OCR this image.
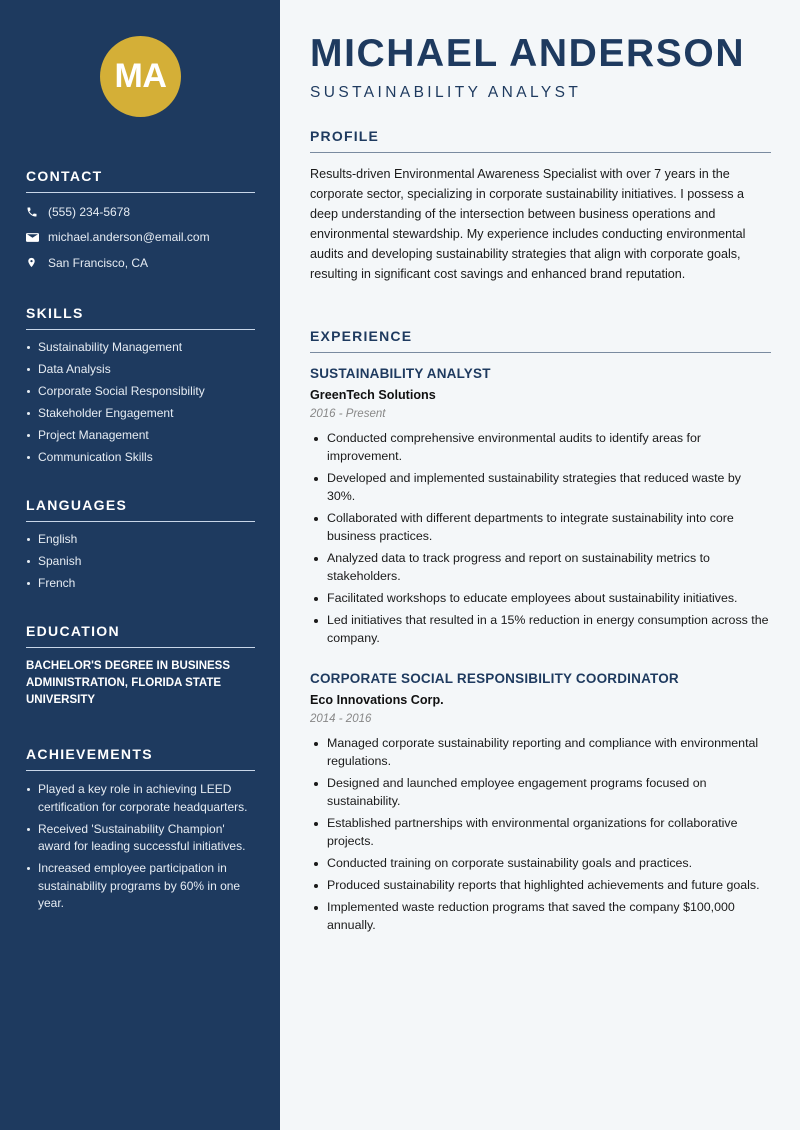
MA
CONTACT
(555) 234-5678
michael.anderson@email.com
San Francisco, CA
SKILLS
Sustainability Management
Data Analysis
Corporate Social Responsibility
Stakeholder Engagement
Project Management
Communication Skills
LANGUAGES
English
Spanish
French
EDUCATION
BACHELOR'S DEGREE IN BUSINESS ADMINISTRATION, FLORIDA STATE UNIVERSITY
ACHIEVEMENTS
Played a key role in achieving LEED certification for corporate headquarters.
Received 'Sustainability Champion' award for leading successful initiatives.
Increased employee participation in sustainability programs by 60% in one year.
MICHAEL ANDERSON
SUSTAINABILITY ANALYST
PROFILE

Results-driven Environmental Awareness Specialist with over 7 years in the corporate sector, specializing in corporate sustainability initiatives. I possess a deep understanding of the intersection between business operations and environmental stewardship. My experience includes conducting environmental audits and developing sustainability strategies that align with corporate goals, resulting in significant cost savings and enhanced brand reputation.

EXPERIENCE
SUSTAINABILITY ANALYST
GreenTech Solutions
2016 - Present
Conducted comprehensive environmental audits to identify areas for improvement.
Developed and implemented sustainability strategies that reduced waste by 30%.
Collaborated with different departments to integrate sustainability into core business practices.
Analyzed data to track progress and report on sustainability metrics to stakeholders.
Facilitated workshops to educate employees about sustainability initiatives.
Led initiatives that resulted in a 15% reduction in energy consumption across the company.
CORPORATE SOCIAL RESPONSIBILITY COORDINATOR
Eco Innovations Corp.
2014 - 2016
Managed corporate sustainability reporting and compliance with environmental regulations.
Designed and launched employee engagement programs focused on sustainability.
Established partnerships with environmental organizations for collaborative projects.
Conducted training on corporate sustainability goals and practices.
Produced sustainability reports that highlighted achievements and future goals.
Implemented waste reduction programs that saved the company $100,000 annually.
